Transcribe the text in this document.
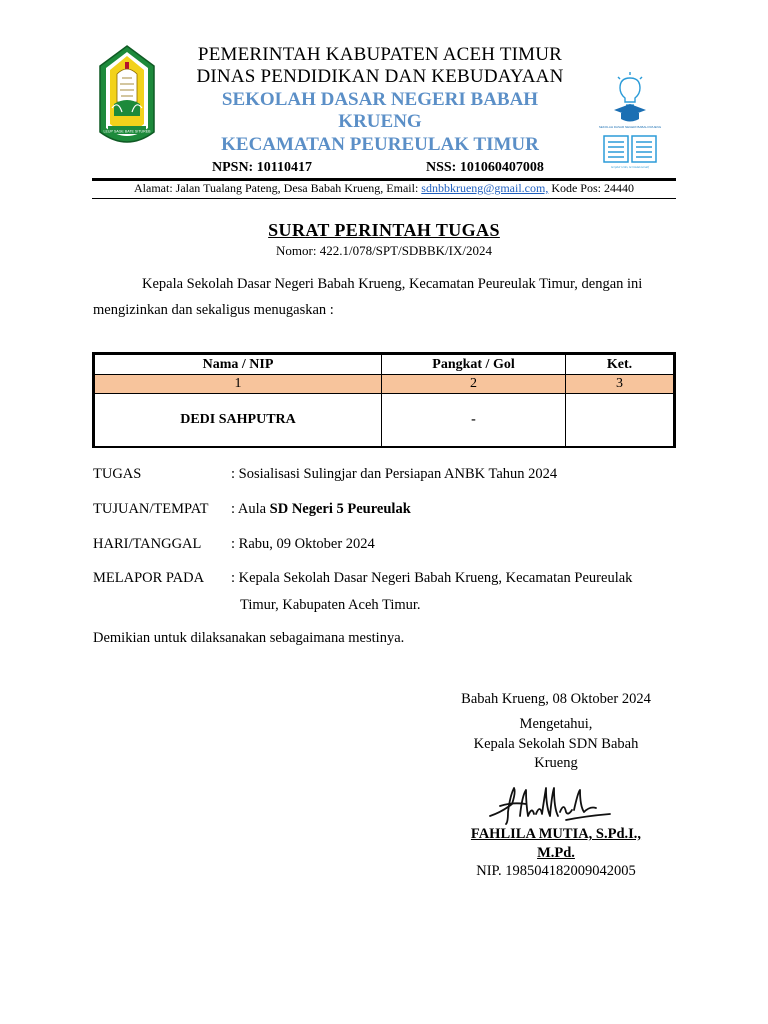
LEUP SAGE BATE SITUREB
PEMERINTAH KABUPATEN ACEH TIMUR
DINAS PENDIDIKAN DAN KEBUDAYAAN
SEKOLAH DASAR NEGERI BABAH
KRUENG
KECAMATAN PEUREULAK TIMUR
SEKOLAH DASAR NEGERI BABAH KRUENG
berpikir kritis, bertindak kreatif
NPSN: 10110417	NSS: 101060407008
Alamat: Jalan Tualang Pateng, Desa Babah Krueng, Email: sdnbbkrueng@gmail.com, Kode Pos: 24440
SURAT PERINTAH TUGAS
Nomor: 422.1/078/SPT/SDBBK/IX/2024
Kepala Sekolah Dasar Negeri Babah Krueng, Kecamatan Peureulak Timur, dengan ini
mengizinkan dan sekaligus menugaskan :
Nama / NIP	Pangkat / Gol	Ket.
1	2	3
DEDI SAHPUTRA	-	
TUGAS	: Sosialisasi Sulingjar dan Persiapan ANBK Tahun 2024
TUJUAN/TEMPAT : Aula SD Negeri 5 Peureulak
HARI/TANGGAL : Rabu, 09 Oktober 2024
MELAPOR PADA : Kepala Sekolah Dasar Negeri Babah Krueng, Kecamatan Peureulak
Timur, Kabupaten Aceh Timur.
Demikian untuk dilaksanakan sebagaimana mestinya.
Babah Krueng, 08 Oktober 2024
Mengetahui,
Kepala Sekolah SDN Babah
Krueng
FAHLILA MUTIA, S.Pd.I.,
M.Pd.
NIP. 198504182009042005
